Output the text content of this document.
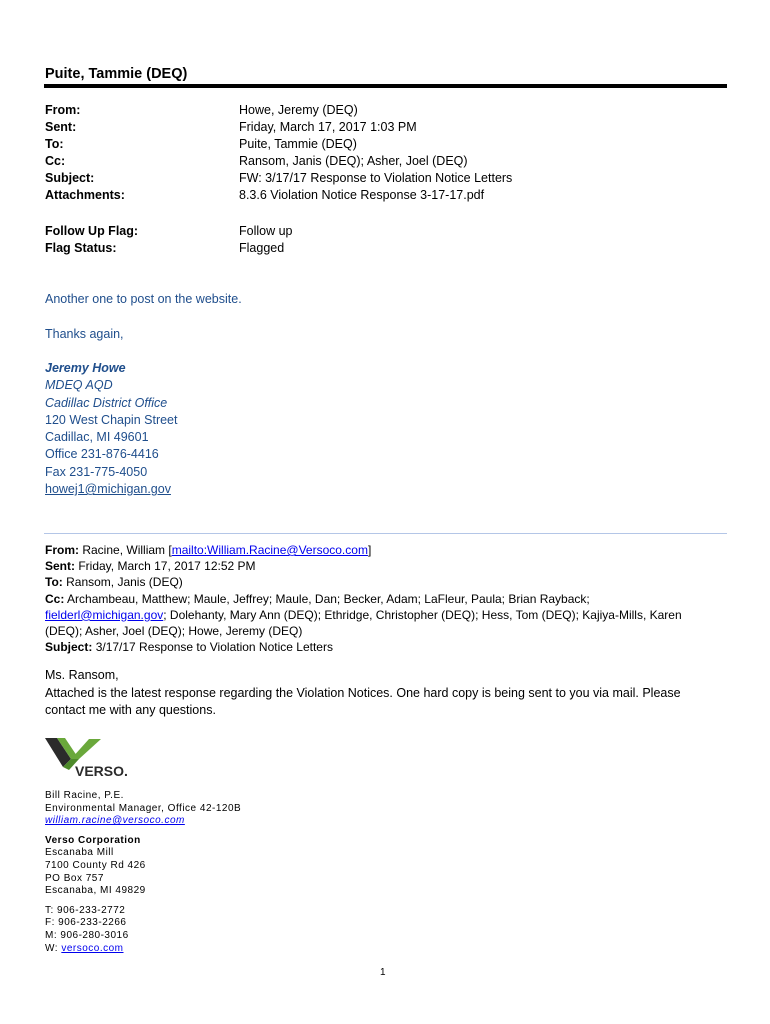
Puite, Tammie (DEQ)
From:	Howe, Jeremy (DEQ)
Sent:	Friday, March 17, 2017 1:03 PM
To:	Puite, Tammie (DEQ)
Cc:	Ransom, Janis (DEQ); Asher, Joel (DEQ)
Subject:	FW: 3/17/17 Response to Violation Notice Letters
Attachments:	8.3.6 Violation Notice Response 3-17-17.pdf
Follow Up Flag:	Follow up
Flag Status:	Flagged
Another one to post on the website.
Thanks again,
Jeremy Howe
MDEQ AQD
Cadillac District Office
120 West Chapin Street
Cadillac, MI 49601
Office 231-876-4416
Fax 231-775-4050
howej1@michigan.gov
From: Racine, William [mailto:William.Racine@Versoco.com]
Sent: Friday, March 17, 2017 12:52 PM
To: Ransom, Janis (DEQ)
Cc: Archambeau, Matthew; Maule, Jeffrey; Maule, Dan; Becker, Adam; LaFleur, Paula; Brian Rayback;
fielderl@michigan.gov; Dolehanty, Mary Ann (DEQ); Ethridge, Christopher (DEQ); Hess, Tom (DEQ); Kajiya-Mills, Karen
(DEQ); Asher, Joel (DEQ); Howe, Jeremy (DEQ)
Subject: 3/17/17 Response to Violation Notice Letters
Ms. Ransom,
Attached is the latest response regarding the Violation Notices. One hard copy is being sent to you via mail. Please
contact me with any questions.
VERSO.
Bill Racine, P.E.
Environmental Manager, Office 42-120B
william.racine@versoco.com
Verso Corporation
Escanaba Mill
7100 County Rd 426
PO Box 757
Escanaba, MI 49829
T: 906-233-2772
F: 906-233-2266
M: 906-280-3016
W: versoco.com
1
